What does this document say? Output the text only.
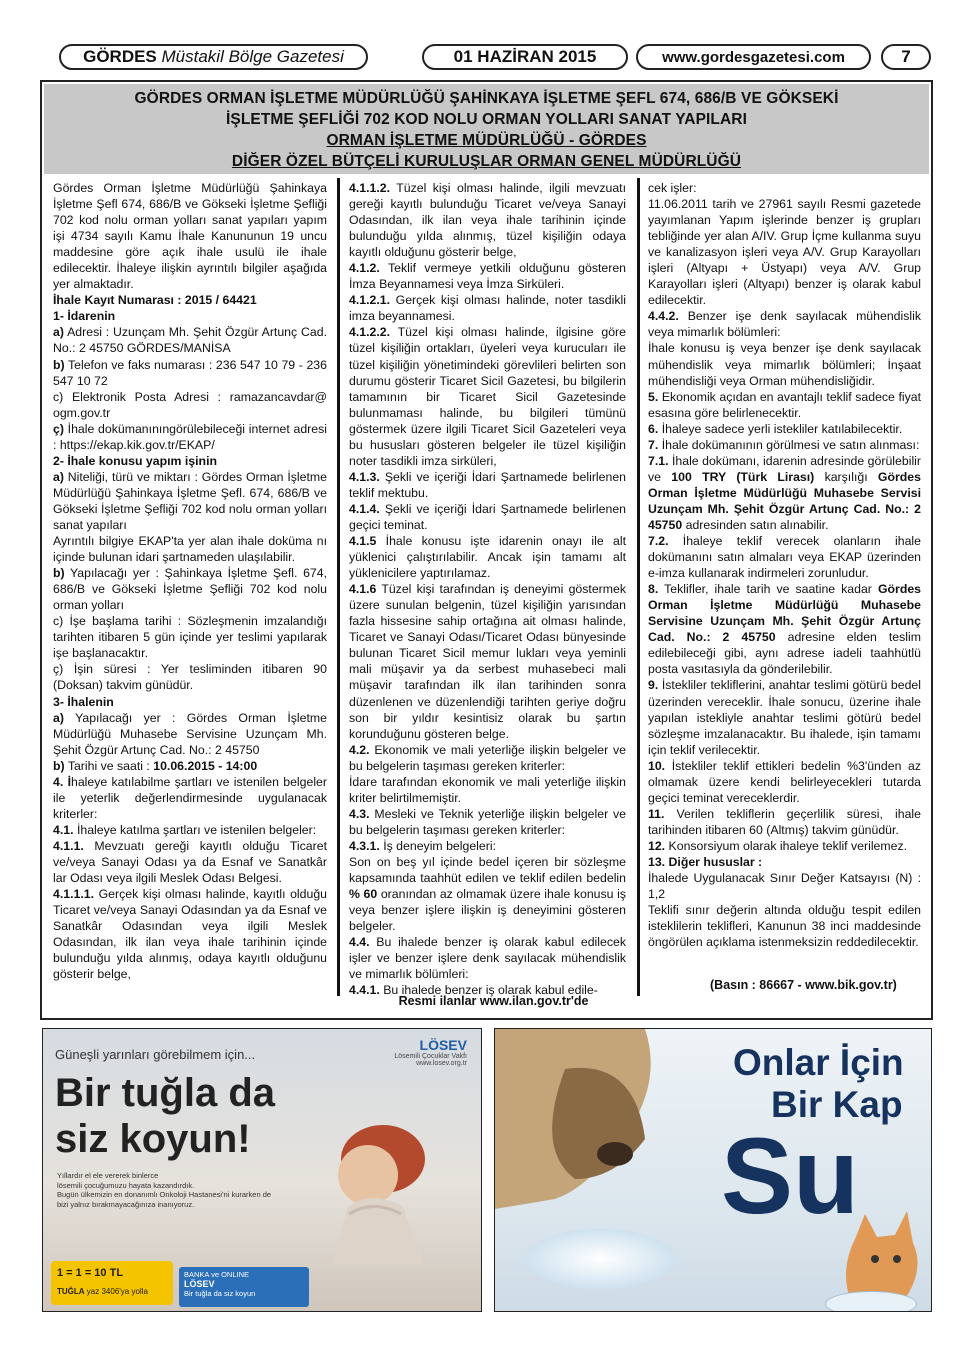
GÖRDES
Müstakil Bölge Gazetesi	01 HAZİRAN 2015	www.gordesgazetesi.com	7
GÖRDES ORMAN İŞLETME MÜDÜRLÜĞÜ ŞAHİNKAYA İŞLETME ŞEFL 674, 686/B VE GÖKSEKİ
İŞLETME ŞEFLİĞİ 702 KOD NOLU ORMAN YOLLARI SANAT YAPILARI
ORMAN İŞLETME MÜDÜRLÜĞÜ - GÖRDES
DİĞER ÖZEL BÜTÇELİ KURULUŞLAR ORMAN GENEL MÜDÜRLÜĞÜ

Gördes Orman İşletme Müdürlüğü Şahinkaya İşletme Şefl 674, 686/B ve Gökseki İşletme Şefliği 702 kod nolu orman yolları sanat yapıları yapım işi 4734 sayılı Kamu İhale Kanununun 19 uncu maddesine göre açık ihale usulü ile ihale edilecektir. İhaleye ilişkin ayrıntılı bilgiler aşağıda yer almaktadır.

İhale Kayıt Numarası : 2015 / 64421

1- İdarenin

a) Adresi : Uzunçam Mh. Şehit Özgür Artunç Cad. No.: 2 45750 GÖRDES/MANİSA

b) Telefon ve faks numarası : 236 547 10 79 - 236 547 10 72

c) Elektronik Posta Adresi : ramazancavdar@ ogm.gov.tr

ç) İhale dokümanınıngörülebileceği internet adresi : https://ekap.kik.gov.tr/EKAP/

2- İhale konusu yapım işinin

a) Niteliği, türü ve miktarı : Gördes Orman İşletme Müdürlüğü Şahinkaya İşletme Şefl. 674, 686/B ve Gökseki İşletme Şefliği 702 kod nolu orman yolları sanat yapıları

Ayrıntılı bilgiye EKAP'ta yer alan ihale doküma nı içinde bulunan idari şartnameden ulaşılabilir.

b) Yapılacağı yer : Şahinkaya İşletme Şefl. 674, 686/B ve Gökseki İşletme Şefliği 702 kod nolu orman yolları

c) İşe başlama tarihi : Sözleşmenin imzalandığı tarihten itibaren 5 gün içinde yer teslimi yapılarak işe başlanacaktır.

ç) İşin süresi : Yer tesliminden itibaren 90 (Doksan) takvim günüdür.

3- İhalenin

a) Yapılacağı yer : Gördes Orman İşletme Müdürlüğü Muhasebe Servisine Uzunçam Mh. Şehit Özgür Artunç Cad. No.: 2 45750

b) Tarihi ve saati : 10.06.2015 - 14:00

4. İhaleye katılabilme şartları ve istenilen belgeler ile yeterlik değerlendirmesinde uygulanacak kriterler:

4.1. İhaleye katılma şartları ve istenilen belgeler:

4.1.1. Mevzuatı gereği kayıtlı olduğu Ticaret ve/veya Sanayi Odası ya da Esnaf ve Sanatkâr lar Odası veya ilgili Meslek Odası Belgesi.

4.1.1.1. Gerçek kişi olması halinde, kayıtlı olduğu Ticaret ve/veya Sanayi Odasından ya da Esnaf ve Sanatkâr Odasından veya ilgili Meslek Odasından, ilk ilan veya ihale tarihinin içinde bulunduğu yılda alınmış, odaya kayıtlı olduğunu gösterir belge,

4.1.1.2. Tüzel kişi olması halinde, ilgili mevzuatı gereği kayıtlı bulunduğu Ticaret ve/veya Sanayi Odasından, ilk ilan veya ihale tarihinin içinde bulunduğu yılda alınmış, tüzel kişiliğin odaya kayıtlı olduğunu gösterir belge,

4.1.2. Teklif vermeye yetkili olduğunu gösteren İmza Beyannamesi veya İmza Sirküleri.

4.1.2.1. Gerçek kişi olması halinde, noter tasdikli imza beyannamesi.

4.1.2.2. Tüzel kişi olması halinde, ilgisine göre tüzel kişiliğin ortakları, üyeleri veya kurucuları ile tüzel kişiliğin yönetimindeki görevlileri belirten son durumu gösterir Ticaret Sicil Gazetesi, bu bilgilerin tamamının bir Ticaret Sicil Gazetesinde bulunmaması halinde, bu bilgileri tümünü göstermek üzere ilgili Ticaret Sicil Gazeteleri veya bu hususları gösteren belgeler ile tüzel kişiliğin noter tasdikli imza sirküleri,

4.1.3. Şekli ve içeriği İdari Şartnamede belirlenen teklif mektubu.

4.1.4. Şekli ve içeriği İdari Şartnamede belirlenen geçici teminat.

4.1.5 İhale konusu işte idarenin onayı ile alt yüklenici çalıştırılabilir. Ancak işin tamamı alt yüklenicilere yaptırılamaz.

4.1.6 Tüzel kişi tarafından iş deneyimi göstermek üzere sunulan belgenin, tüzel kişiliğin yarısından fazla hissesine sahip ortağına ait olması halinde, Ticaret ve Sanayi Odası/Ticaret Odası bünyesinde bulunan Ticaret Sicil memur lukları veya yeminli mali müşavir ya da serbest muhasebeci mali müşavir tarafından ilk ilan tarihinden sonra düzenlenen ve düzenlendiği tarihten geriye doğru son bir yıldır kesintisiz olarak bu şartın korunduğunu gösteren belge.

4.2. Ekonomik ve mali yeterliğe ilişkin belgeler ve bu belgelerin taşıması gereken kriterler:

İdare tarafından ekonomik ve mali yeterliğe ilişkin kriter belirtilmemiştir.

4.3. Mesleki ve Teknik yeterliğe ilişkin belgeler ve bu belgelerin taşıması gereken kriterler:

4.3.1. İş deneyim belgeleri:

Son on beş yıl içinde bedel içeren bir sözleşme kapsamında taahhüt edilen ve teklif edilen bedelin % 60 oranından az olmamak üzere ihale konusu iş veya benzer işlere ilişkin iş deneyimini gösteren belgeler.

4.4. Bu ihalede benzer iş olarak kabul edilecek işler ve benzer işlere denk sayılacak mühendislik ve mimarlık bölümleri:

4.4.1. Bu ihalede benzer iş olarak kabul edile-

cek işler:

11.06.2011 tarih ve 27961 sayılı Resmi gazetede yayımlanan Yapım işlerinde benzer iş grupları tebliğinde yer alan A/IV. Grup İçme kullanma suyu ve kanalizasyon işleri veya A/V. Grup Karayolları işleri (Altyapı + Üstyapı) veya A/V. Grup Karayolları işleri (Altyapı) benzer iş olarak kabul edilecektir.

4.4.2. Benzer işe denk sayılacak mühendislik veya mimarlık bölümleri:

İhale konusu iş veya benzer işe denk sayılacak mühendislik veya mimarlık bölümleri; İnşaat mühendisliği veya Orman mühendisliğidir.

5. Ekonomik açıdan en avantajlı teklif sadece fiyat esasına göre belirlenecektir.

6. İhaleye sadece yerli istekliler katılabilecektir.

7. İhale dokümanının görülmesi ve satın alınması:

7.1. İhale dokümanı, idarenin adresinde görülebilir ve 100 TRY (Türk Lirası) karşılığı Gördes Orman İşletme Müdürlüğü Muhasebe Servisi Uzunçam Mh. Şehit Özgür Artunç Cad. No.: 2 45750 adresinden satın alınabilir.

7.2. İhaleye teklif verecek olanların ihale dokümanını satın almaları veya EKAP üzerinden e-imza kullanarak indirmeleri zorunludur.

8. Teklifler, ihale tarih ve saatine kadar Gördes Orman İşletme Müdürlüğü Muhasebe Servisine Uzunçam Mh. Şehit Özgür Artunç Cad. No.: 2 45750 adresine elden teslim edilebileceği gibi, aynı adrese iadeli taahhütlü posta vasıtasıyla da gönderilebilir.

9. İstekliler tekliflerini, anahtar teslimi götürü bedel üzerinden vereceklir. İhale sonucu, üzerine ihale yapılan istekliyle anahtar teslimi götürü bedel sözleşme imzalanacaktır. Bu ihalede, işin tamamı için teklif verilecektir.

10. İstekliler teklif ettikleri bedelin %3'ünden az olmamak üzere kendi belirleyecekleri tutarda geçici teminat vereceklerdir.

11. Verilen tekliflerin geçerlilik süresi, ihale tarihinden itibaren 60 (Altmış) takvim günüdür.

12. Konsorsiyum olarak ihaleye teklif verilemez.

13. Diğer hususlar :

İhalede Uygulanacak Sınır Değer Katsayısı (N) : 1,2

Teklifi sınır değerin altında olduğu tespit edilen isteklilerin teklifleri, Kanunun 38 inci maddesinde öngörülen açıklama istenmeksizin reddedilecektir.

(Basın : 86667 - www.bik.gov.tr)
Resmi ilanlar www.ilan.gov.tr'de
Güneşli yarınları görebilmem için...
LÖSEV
Lösemili Çocuklar Vakfı
www.losev.org.tr
Bir tuğla da
siz koyun!
Yıllardır el ele vererek binlerce
lösemili çocuğumuzu hayata kazandırdık.
Bugün ülkemizin en donanımlı Onkoloji Hastanesi'ni kurarken de
bizi yalnız bırakmayacağınıza inanıyoruz.
1 = 1 = 10 TL
TUĞLA yaz 3406'ya yolla
BANKA ve ONLINE
LÖSEV
Bir tuğla da siz koyun
Onlar İçin
Bir Kap
Su
